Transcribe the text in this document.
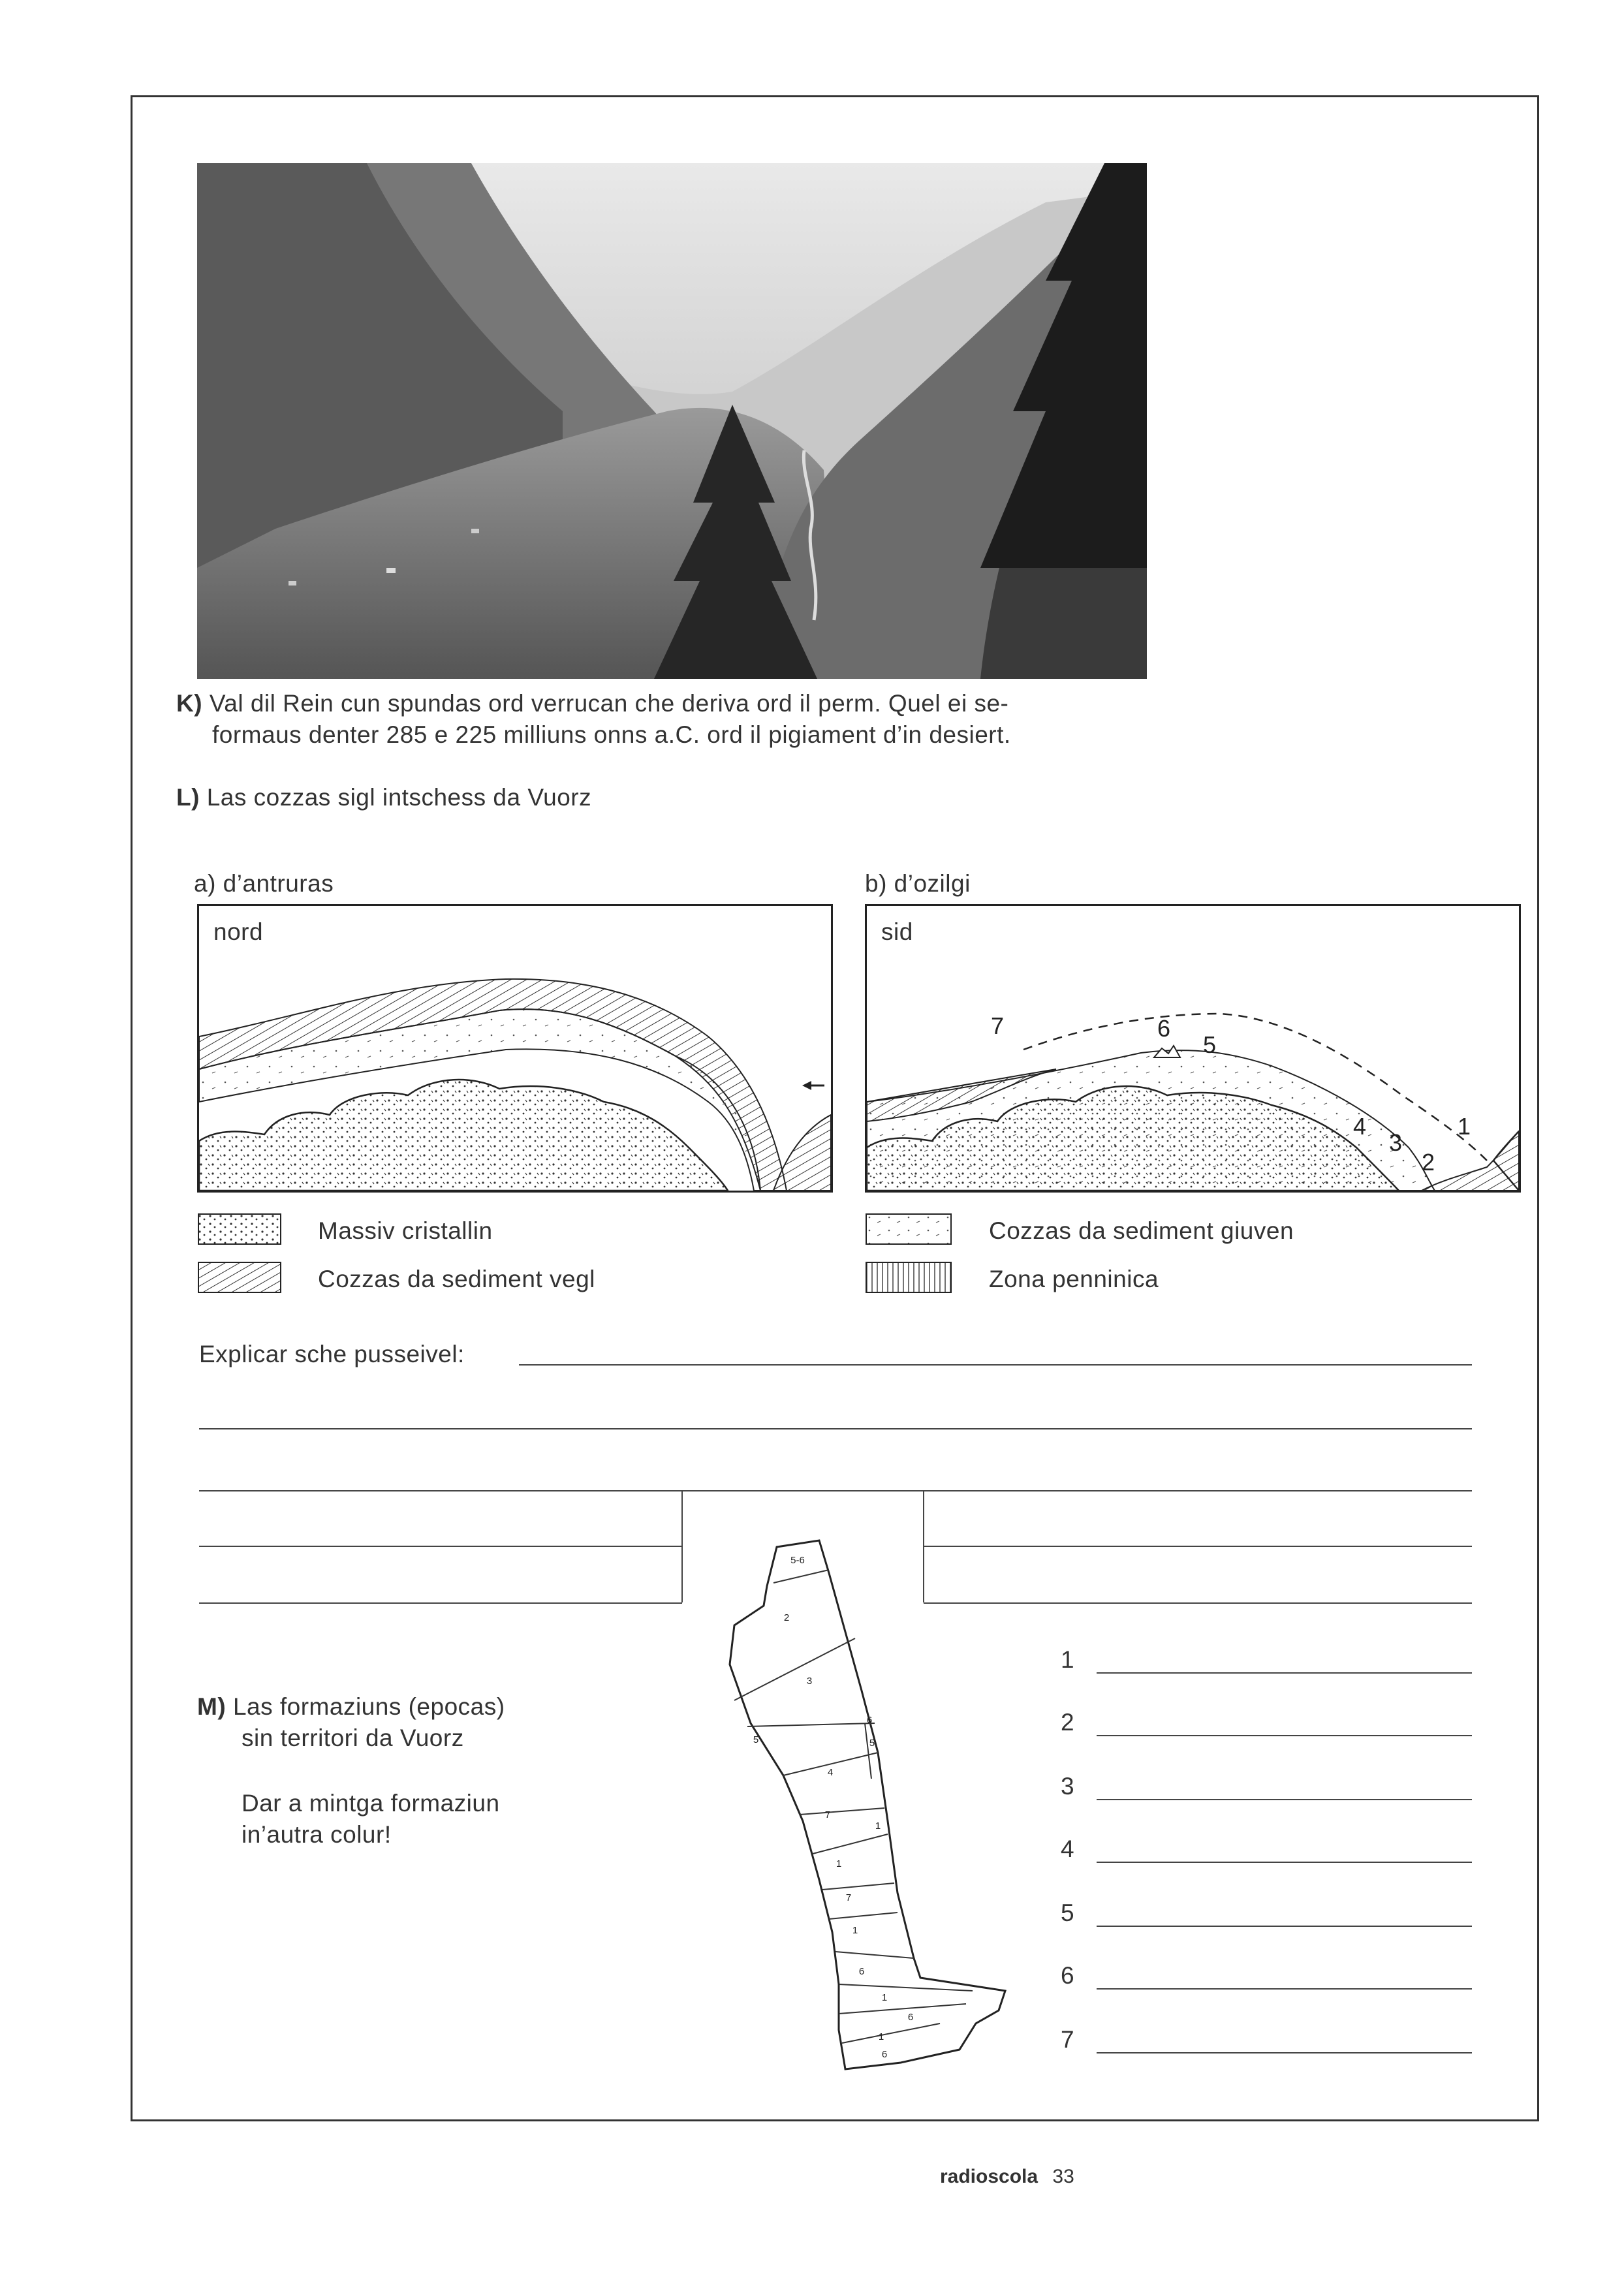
K) Val dil Rein cun spundas ord verrucan che deriva ord il perm. Quel ei se-
formaus denter 285 e 225 milliuns onns a.C. ord il pigiament d’in desiert.
L) Las cozzas sigl intschess da Vuorz
a) d’antruras	b) d’ozilgi
nord	sid
7	6
5
4
3
2
1
Massiv cristallin
Cozzas da sediment vegl
Cozzas da sediment giuven
Zona penninica
Explicar sche pusseivel:
M) Las formaziuns (epocas)
sin territori da Vuorz
Dar a mintga formaziun
in’autra colur!
5-6
2
3
6
5	5
4
7
1
1
7
1
6
1
6
1
6
1
2
3
4
5
6
7
radioscola 33
